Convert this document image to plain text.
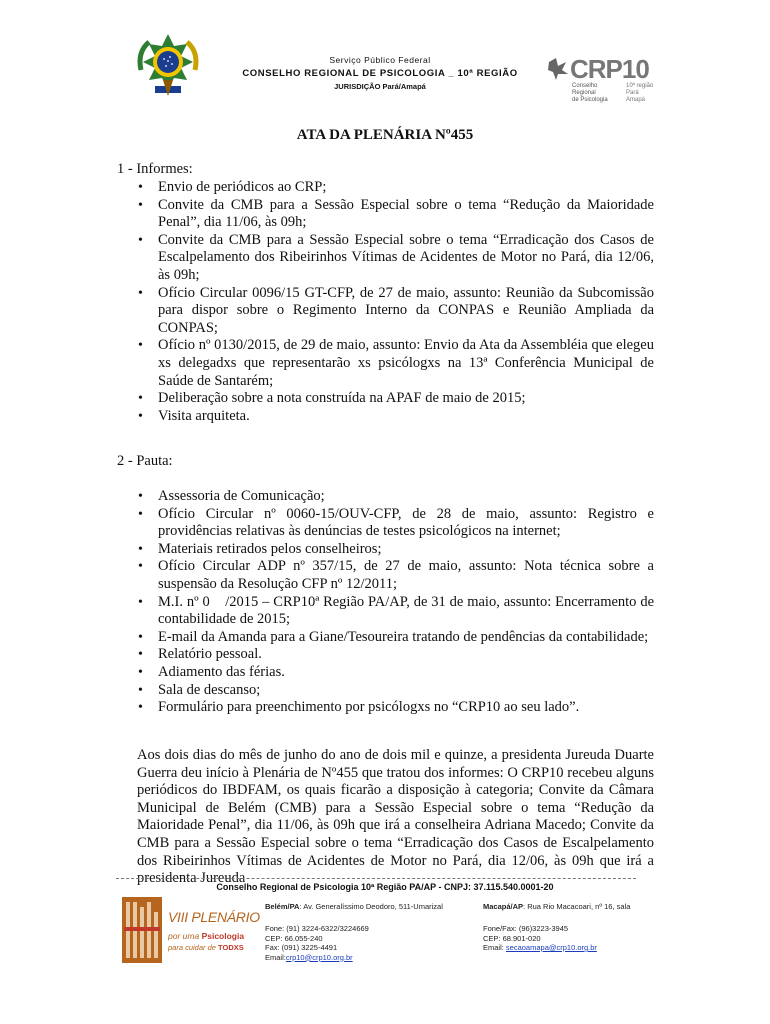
Serviço Público Federal
CONSELHO REGIONAL DE PSICOLOGIA _ 10ª REGIÃO
JURISDIÇÃO Pará/Amapá
CRP10
Conselho
Regional
de Psicologia
10ª região
Pará
Amapá
ATA DA PLENÁRIA Nº455
1 - Informes:
• Envio de periódicos ao CRP;
• Convite da CMB para a Sessão Especial sobre o tema “Redução da Maioridade Penal”, dia 11/06, às 09h;
• Convite da CMB para a Sessão Especial sobre o tema “Erradicação dos Casos de Escalpelamento dos Ribeirinhos Vítimas de Acidentes de Motor no Pará, dia 12/06, às 09h;
• Ofício Circular 0096/15 GT-CFP, de 27 de maio, assunto: Reunião da Subcomissão para dispor sobre o Regimento Interno da CONPAS e Reunião Ampliada da CONPAS;
• Ofício nº 0130/2015, de 29 de maio, assunto: Envio da Ata da Assembléia que elegeu xs delegadxs que representarão xs psicólogxs na 13ª Conferência Municipal de Saúde de Santarém;
• Deliberação sobre a nota construída na APAF de maio de 2015;
• Visita arquiteta.
2 - Pauta:
• Assessoria de Comunicação;
• Ofício Circular nº 0060-15/OUV-CFP, de 28 de maio, assunto: Registro e providências relativas às denúncias de testes psicológicos na internet;
• Materiais retirados pelos conselheiros;
• Ofício Circular ADP nº 357/15, de 27 de maio, assunto: Nota técnica sobre a suspensão da Resolução CFP nº 12/2011;
• M.I. nº 0    /2015 – CRP10ª Região PA/AP, de 31 de maio, assunto: Encerramento de contabilidade de 2015;
• E-mail da Amanda para a Giane/Tesoureira tratando de pendências da contabilidade;
• Relatório pessoal.
• Adiamento das férias.
• Sala de descanso;
• Formulário para preenchimento por psicólogxs no “CRP10 ao seu lado”.
Aos dois dias do mês de junho do ano de dois mil e quinze, a presidenta Jureuda Duarte Guerra deu início à Plenária de Nº455 que tratou dos informes: O CRP10 recebeu alguns periódicos do IBDFAM, os quais ficarão a disposição à categoria; Convite da Câmara Municipal de Belém (CMB) para a Sessão Especial sobre o tema “Redução da Maioridade Penal”, dia 11/06, às 09h que irá a conselheira Adriana Macedo; Convite da CMB para a Sessão Especial sobre o tema “Erradicação dos Casos de Escalpelamento dos Ribeirinhos Vítimas de Acidentes de Motor no Pará, dia 12/06, às 09h que irá a presidenta Jureuda
Conselho Regional de Psicologia 10ª Região PA/AP - CNPJ: 37.115.540.0001-20
VIII PLENÁRIO
por uma Psicologia
para cuidar de TODXS
Belém/PA: Av. Generalíssimo Deodoro, 511-Umarizal
Fone: (91) 3224-6322/3224669
CEP: 66.055-240
Fax: (091) 3225-4491
Email:crp10@crp10.org.br
Macapá/AP: Rua Rio Macacoari, nº 16, sala
Fone/Fax: (96)3223-3945
CEP: 68.901-020
Email: secaoamapa@crp10.org.br
